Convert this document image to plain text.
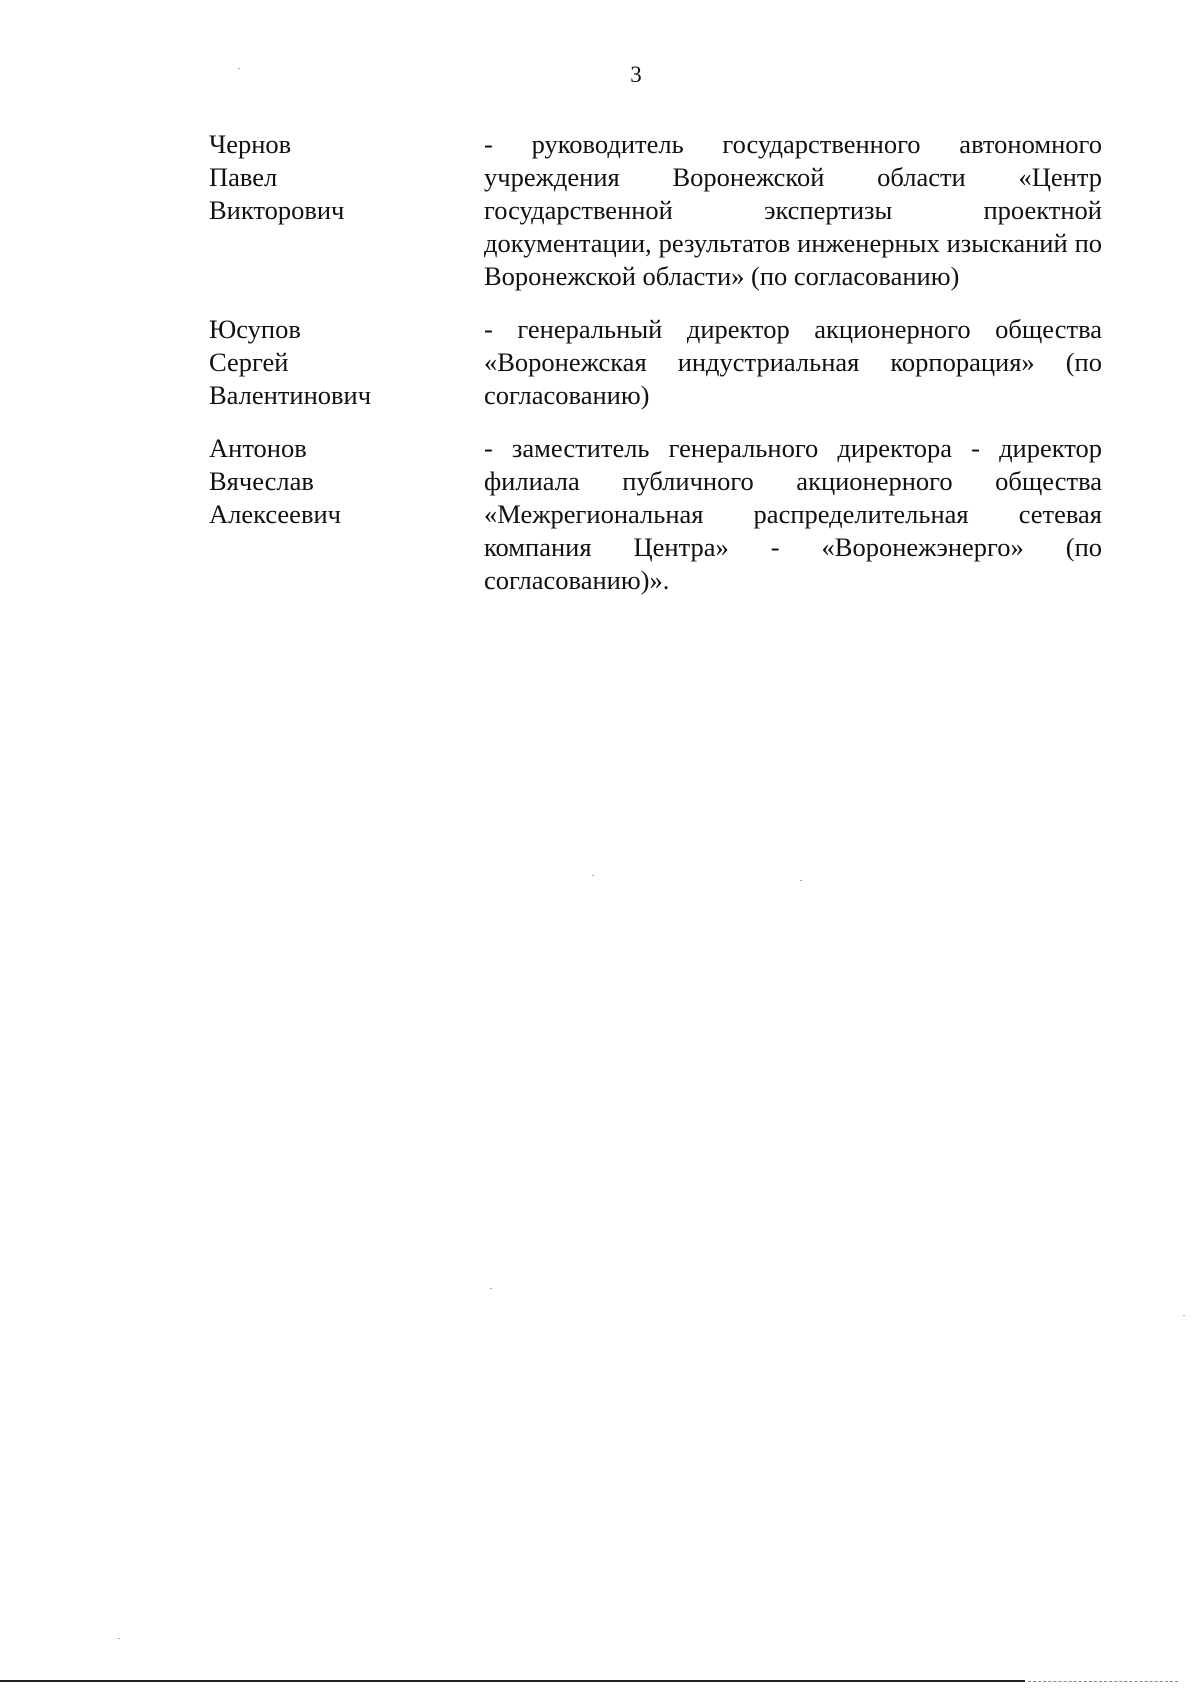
3
Чернов
Павел
Викторович
- руководитель государственного автономного учреждения Воронежской области «Центр государственной экспертизы проектной документации, результатов инженерных изысканий по Воронежской области» (по согласованию)
Юсупов
Сергей
Валентинович
- генеральный директор акционерного общества «Воронежская индустриальная корпорация» (по согласованию)
Антонов
Вячеслав
Алексеевич
- заместитель генерального директора - директор филиала публичного акционерного общества «Межрегиональная распределительная сетевая компания Центра» - «Воронежэнерго» (по согласованию)».
